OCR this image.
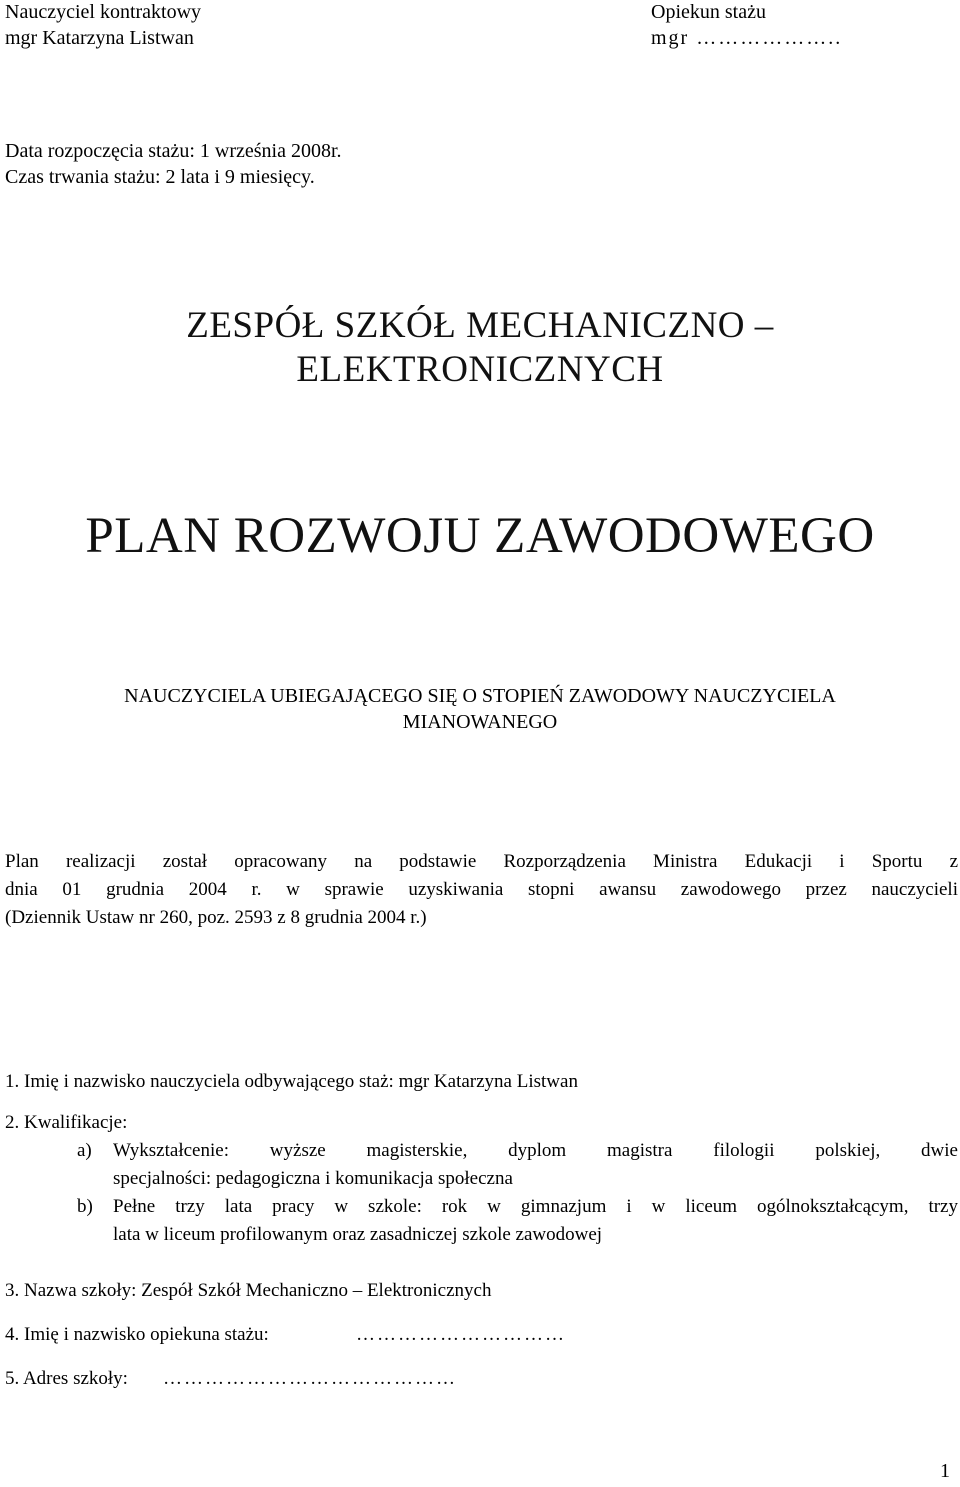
Nauczyciel kontraktowy
mgr Katarzyna Listwan
Opiekun stażu
mgr ………………..
Data rozpoczęcia stażu: 1 września 2008r.
Czas trwania stażu: 2 lata i 9 miesięcy.
ZESPÓŁ SZKÓŁ MECHANICZNO –
ELEKTRONICZNYCH
PLAN ROZWOJU ZAWODOWEGO
NAUCZYCIELA UBIEGAJĄCEGO SIĘ O STOPIEŃ ZAWODOWY NAUCZYCIELA
MIANOWANEGO
Plan realizacji został opracowany na podstawie Rozporządzenia Ministra Edukacji i Sportu z
dnia 01 grudnia 2004 r. w sprawie uzyskiwania stopni awansu zawodowego przez nauczycieli
(Dziennik Ustaw nr 260, poz. 2593 z 8 grudnia 2004 r.)
1. Imię i nazwisko nauczyciela odbywającego staż: mgr Katarzyna Listwan
2. Kwalifikacje:
a) Wykształcenie: wyższe magisterskie, dyplom magistra filologii polskiej, dwie
specjalności: pedagogiczna i komunikacja społeczna
b) Pełne trzy lata pracy w szkole: rok w gimnazjum i w liceum ogólnokształcącym, trzy
lata w liceum profilowanym oraz zasadniczej szkole zawodowej
3. Nazwa szkoły: Zespół Szkół Mechaniczno – Elektronicznych
4. Imię i nazwisko opiekuna stażu:	…………………………
5. Adres szkoły: ……………………………………
1
